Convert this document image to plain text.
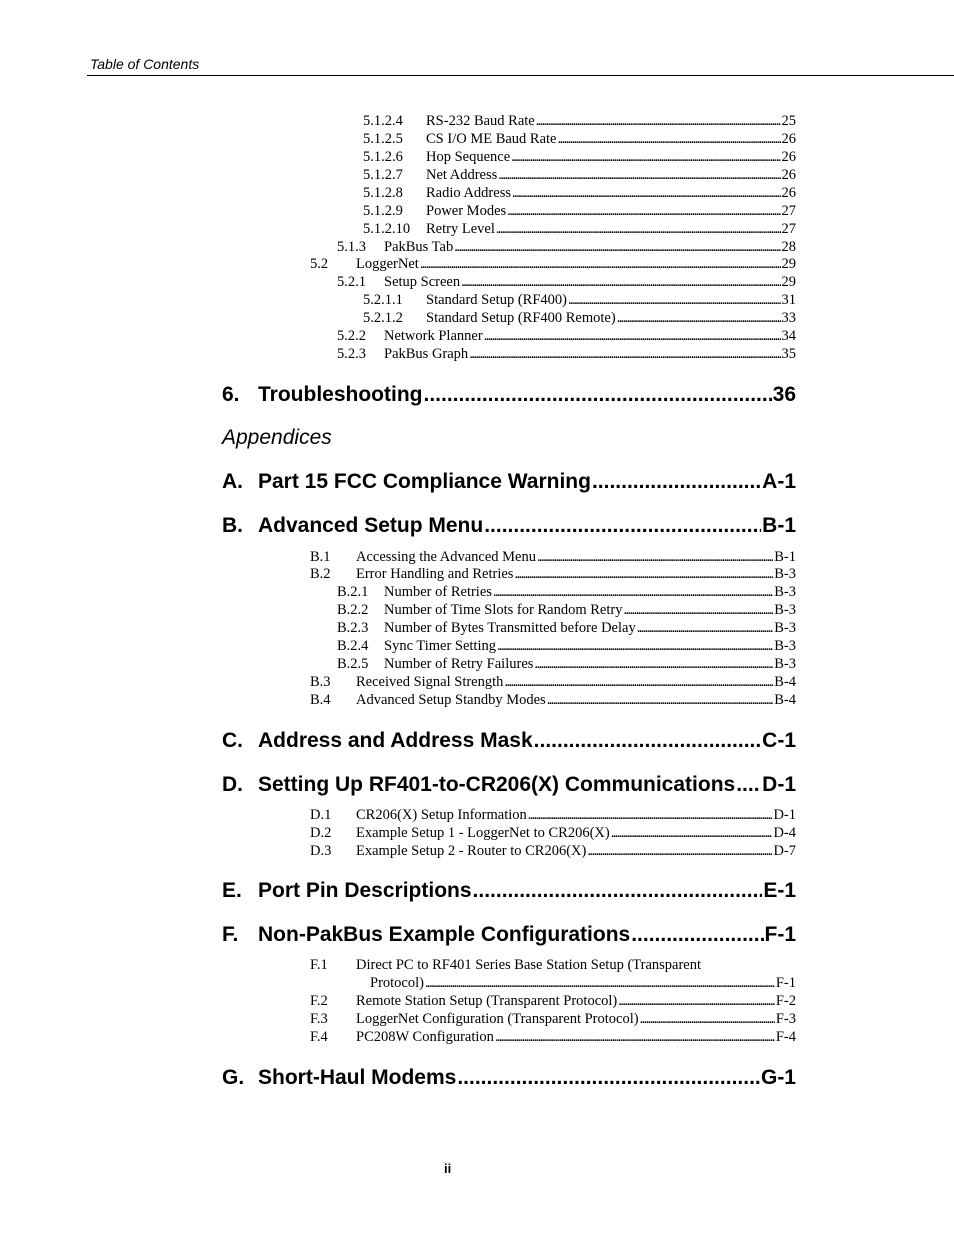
Table of Contents
5.1.2.4	RS-232 Baud Rate . . .	25
5.1.2.5	CS I/O ME Baud Rate . . .	26
5.1.2.6	Hop Sequence . . .	26
5.1.2.7	Net Address . . .	26
5.1.2.8	Radio Address . . .	26
5.1.2.9	Power Modes . . .	27
5.1.2.10	Retry Level . . .	27
5.1.3	PakBus Tab . . .	28
5.2	LoggerNet . . .	29
5.2.1	Setup Screen . . .	29
5.2.1.1	Standard Setup (RF400) . . .	31
5.2.1.2	Standard Setup (RF400 Remote) . . .	33
5.2.2	Network Planner . . .	34
5.2.3	PakBus Graph . . .	35
6. Troubleshooting .....	36
Appendices
A. Part 15 FCC Compliance Warning .....	A-1
B. Advanced Setup Menu .....	B-1
B.1	Accessing the Advanced Menu . . .	B-1
B.2	Error Handling and Retries . . .	B-3
B.2.1	Number of Retries . . .	B-3
B.2.2	Number of Time Slots for Random Retry . . .	B-3
B.2.3	Number of Bytes Transmitted before Delay . . .	B-3
B.2.4	Sync Timer Setting . . .	B-3
B.2.5	Number of Retry Failures . . .	B-3
B.3	Received Signal Strength . . .	B-4
B.4	Advanced Setup Standby Modes . . .	B-4
C. Address and Address Mask .....	C-1
D. Setting Up RF401-to-CR206(X) Communications ..... D-1
D.1	CR206(X) Setup Information . . .	D-1
D.2	Example Setup 1 - LoggerNet to CR206(X) . . .	D-4
D.3	Example Setup 2 - Router to CR206(X) . . .	D-7
E. Port Pin Descriptions .....	E-1
F. Non-PakBus Example Configurations .....	F-1
F.1	Direct PC to RF401 Series Base Station Setup (Transparent
Protocol) . . .	F-1
F.2	Remote Station Setup (Transparent Protocol) . . .	F-2
F.3	LoggerNet Configuration (Transparent Protocol) . . .	F-3
F.4	PC208W Configuration . . .	F-4
G. Short-Haul Modems .....	G-1
ii
